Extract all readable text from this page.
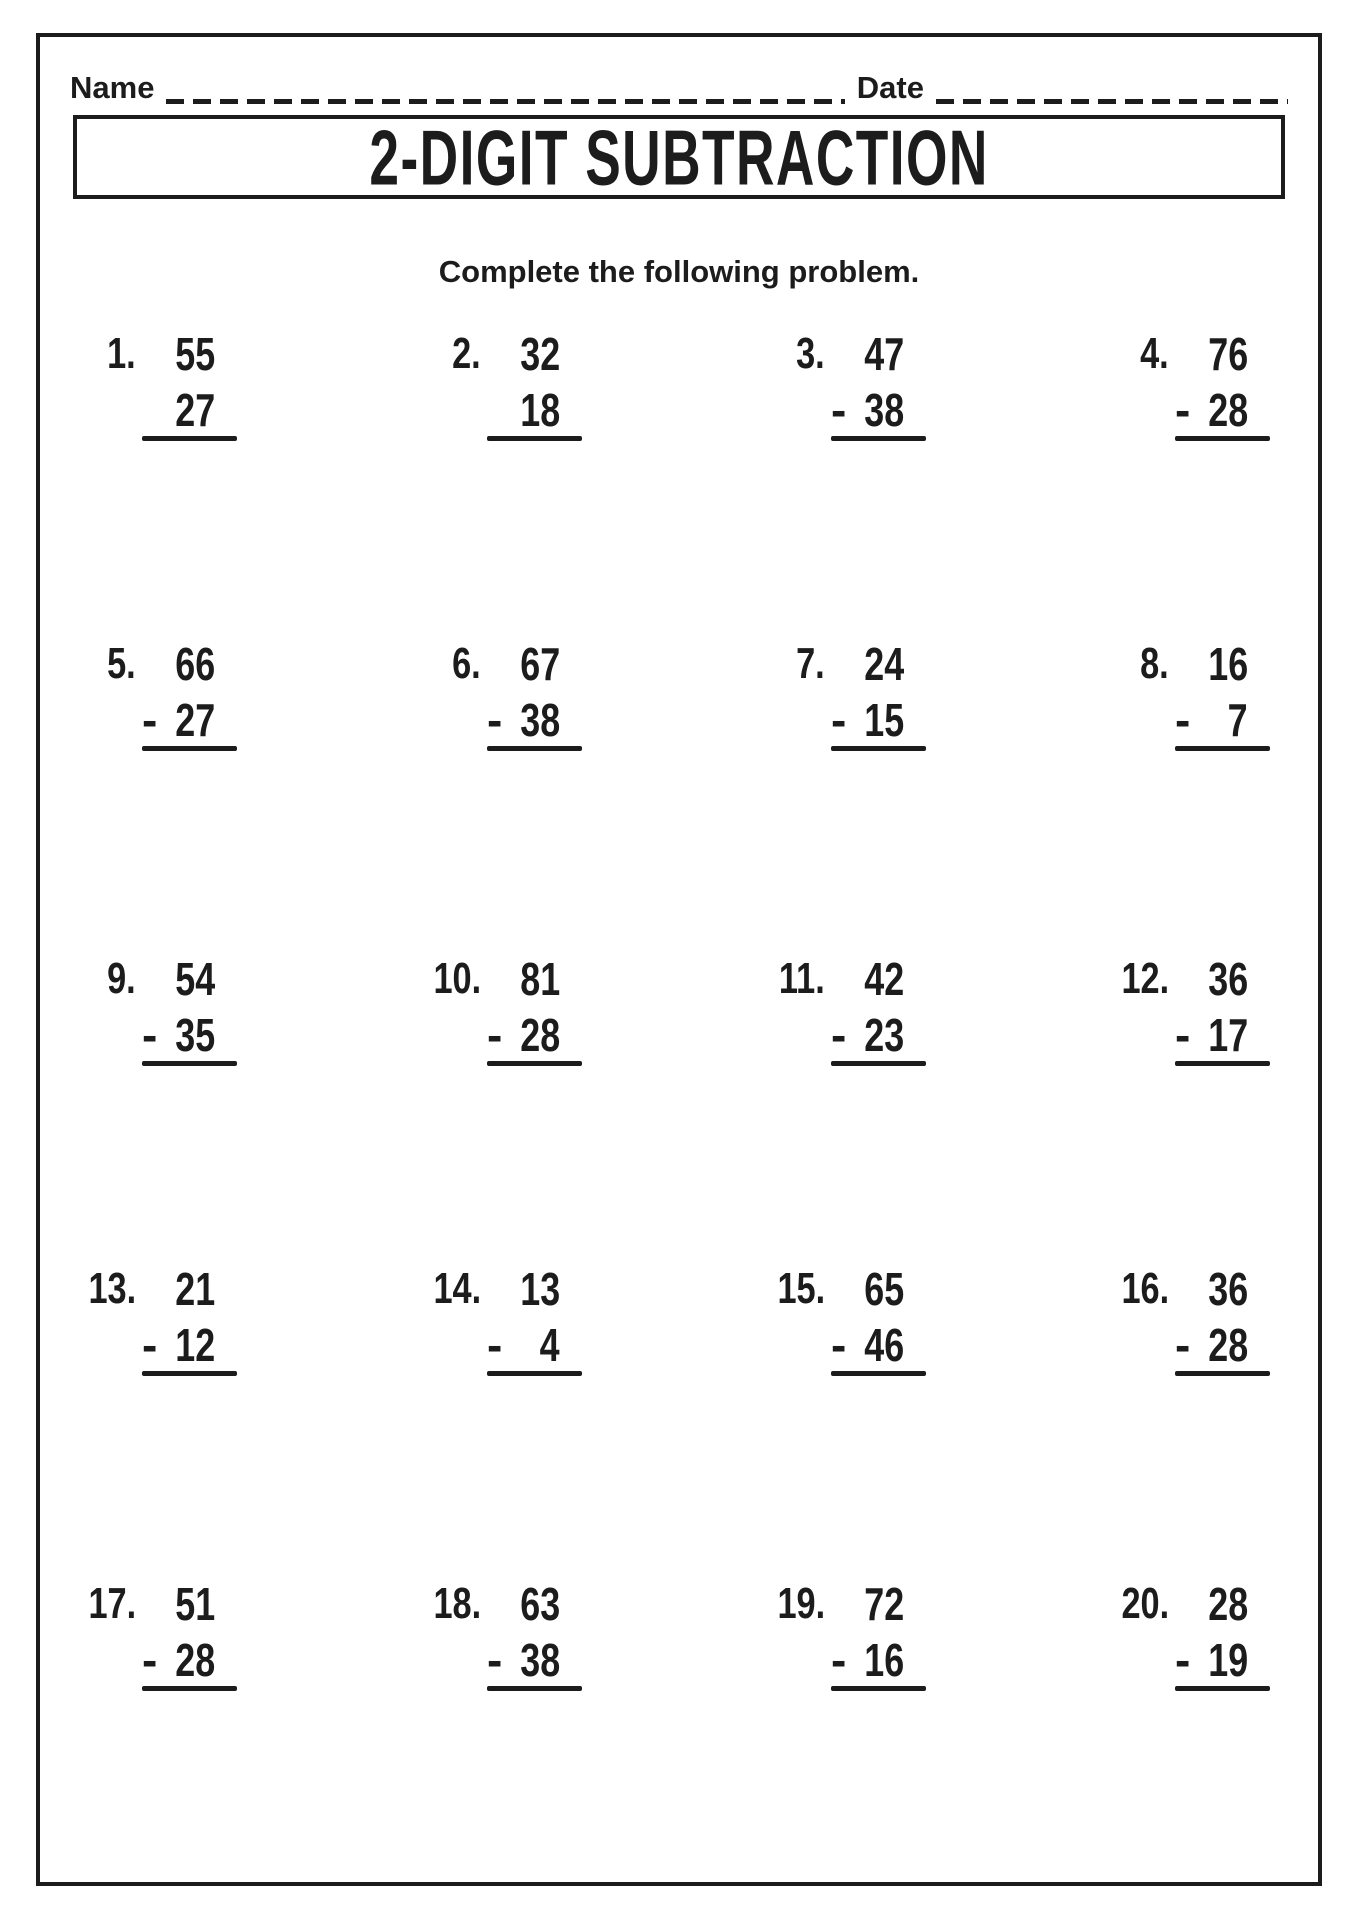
Name	Date
2-DIGIT SUBTRACTION
Complete the following problem.
1. 55
27
2. 32
18
3. 47
- 38
4. 76
- 28
5. 66
- 27
6. 67
- 38
7. 24
- 15
8. 16
- 7
9. 54
- 35
10. 81
- 28
11. 42
- 23
12. 36
- 17
13. 21
- 12
14. 13
- 4
15. 65
- 46
16. 36
- 28
17. 51
- 28
18. 63
- 38
19. 72
- 16
20. 28
- 19
